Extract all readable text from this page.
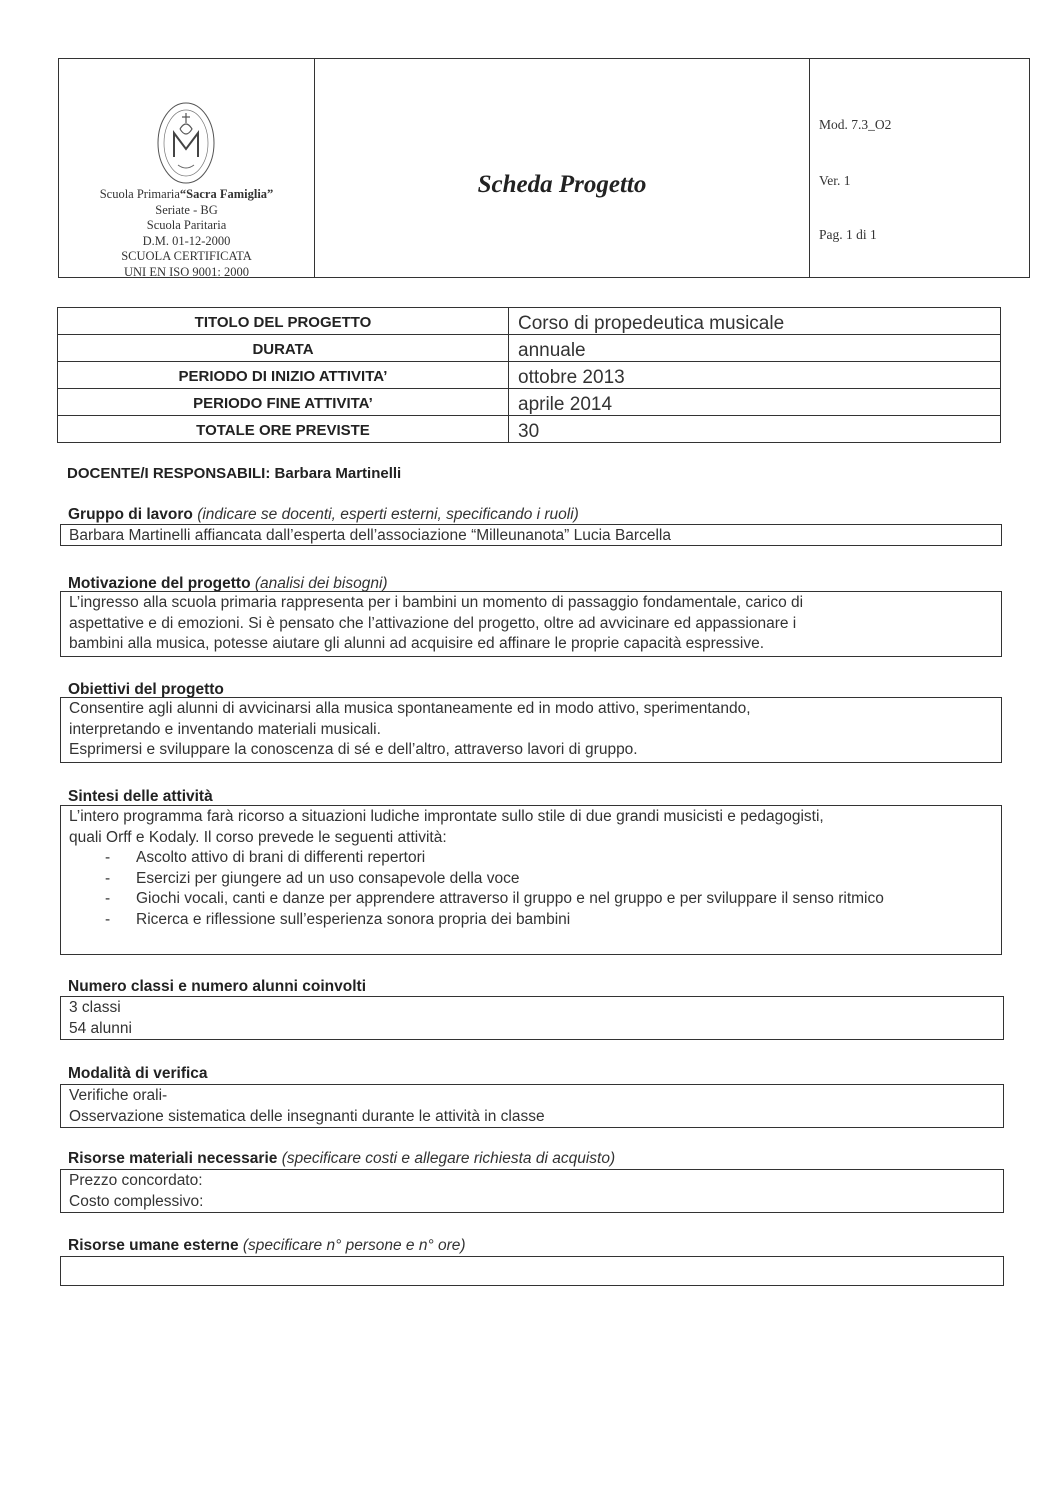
Scuola Primaria“Sacra Famiglia”
Seriate - BG
Scuola Paritaria
D.M. 01-12-2000
SCUOLA CERTIFICATA
UNI EN ISO 9001: 2000
Scheda Progetto
Mod. 7.3_O2
Ver. 1
Pag. 1 di 1
TITOLO DEL PROGETTO	Corso di propedeutica musicale
DURATA	annuale
PERIODO DI INIZIO ATTIVITA’	ottobre 2013
PERIODO FINE ATTIVITA’	aprile 2014
TOTALE ORE PREVISTE	30
DOCENTE/I RESPONSABILI: Barbara Martinelli
Gruppo di lavoro (indicare se docenti, esperti esterni, specificando i ruoli)
Barbara Martinelli affiancata dall’esperta dell’associazione “Milleunanota” Lucia Barcella
Motivazione del progetto (analisi dei bisogni)
L’ingresso alla scuola primaria rappresenta per i bambini un momento di passaggio fondamentale, carico di
aspettative e di emozioni. Si è pensato che l’attivazione del progetto, oltre ad avvicinare ed appassionare i
bambini alla musica, potesse aiutare gli alunni ad acquisire ed affinare le proprie capacità espressive.
Obiettivi del progetto
Consentire agli alunni di avvicinarsi alla musica spontaneamente ed in modo attivo, sperimentando,
interpretando e inventando materiali musicali.
Esprimersi e sviluppare la conoscenza di sé e dell’altro, attraverso lavori di gruppo.
Sintesi delle attività
L’intero programma farà ricorso a situazioni ludiche improntate sullo stile di due grandi musicisti e pedagogisti,
quali Orff e Kodaly. Il corso prevede le seguenti attività:
- Ascolto attivo di brani di differenti repertori
- Esercizi per giungere ad un uso consapevole della voce
- Giochi vocali, canti e danze per apprendere attraverso il gruppo e nel gruppo e per sviluppare il senso ritmico
- Ricerca e riflessione sull’esperienza sonora propria dei bambini
Numero classi e numero alunni coinvolti
3 classi
54 alunni
Modalità di verifica
Verifiche orali-
Osservazione sistematica delle insegnanti durante le attività in classe
Risorse materiali necessarie (specificare costi e allegare richiesta di acquisto)
Prezzo concordato:
Costo complessivo:
Risorse umane esterne (specificare n° persone e n° ore)
